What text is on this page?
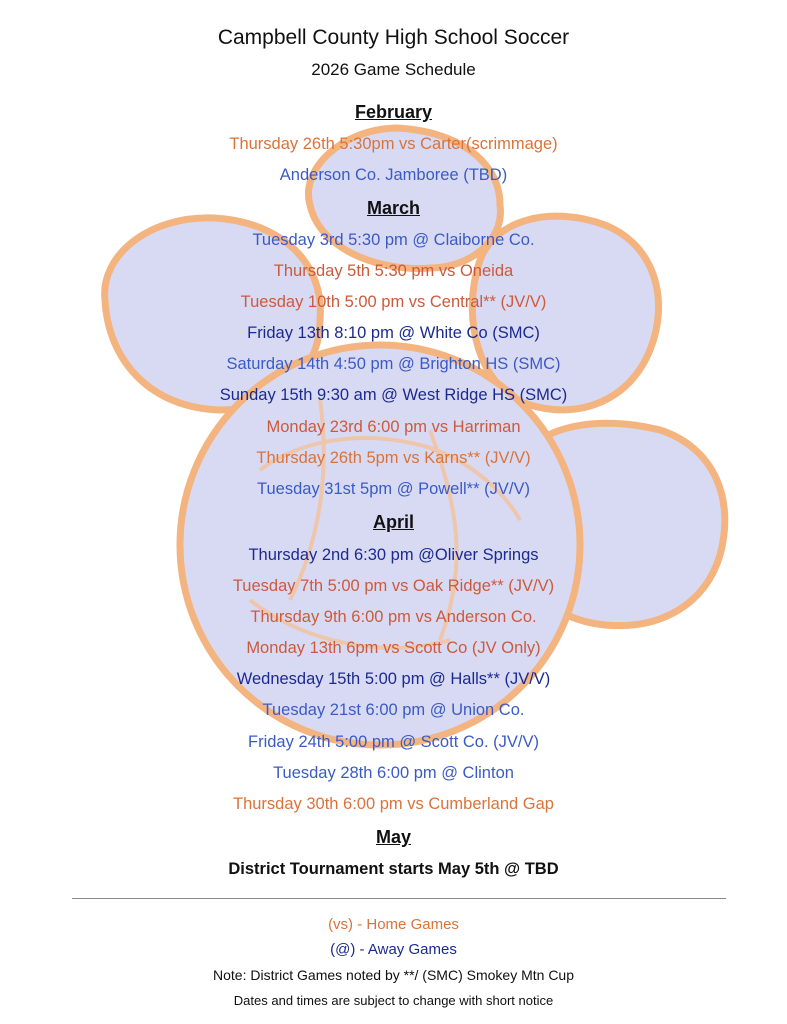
Campbell County High School Soccer
2026 Game Schedule
February
Thursday 26th 5:30pm vs Carter(scrimmage)
Anderson Co. Jamboree (TBD)
March
Tuesday 3rd 5:30 pm @ Claiborne Co.
Thursday 5th 5:30 pm vs Oneida
Tuesday 10th 5:00 pm vs Central** (JV/V)
Friday 13th 8:10 pm @ White Co (SMC)
Saturday 14th 4:50 pm @ Brighton HS (SMC)
Sunday 15th 9:30 am @ West Ridge HS (SMC)
Monday 23rd 6:00 pm vs Harriman
Thursday 26th 5pm vs Karns** (JV/V)
Tuesday 31st 5pm @ Powell** (JV/V)
April
Thursday 2nd 6:30 pm @Oliver Springs
Tuesday 7th 5:00 pm vs Oak Ridge** (JV/V)
Thursday 9th 6:00 pm vs Anderson Co.
Monday 13th 6pm vs Scott Co (JV Only)
Wednesday 15th 5:00 pm @ Halls** (JV/V)
Tuesday 21st 6:00 pm @ Union Co.
Friday 24th 5:00 pm @ Scott Co. (JV/V)
Tuesday 28th 6:00 pm @ Clinton
Thursday 30th 6:00 pm vs Cumberland Gap
May
District Tournament starts May 5th @ TBD
(vs) - Home Games
(@) - Away Games
Note: District Games noted by **/ (SMC) Smokey Mtn Cup
Dates and times are subject to change with short notice
